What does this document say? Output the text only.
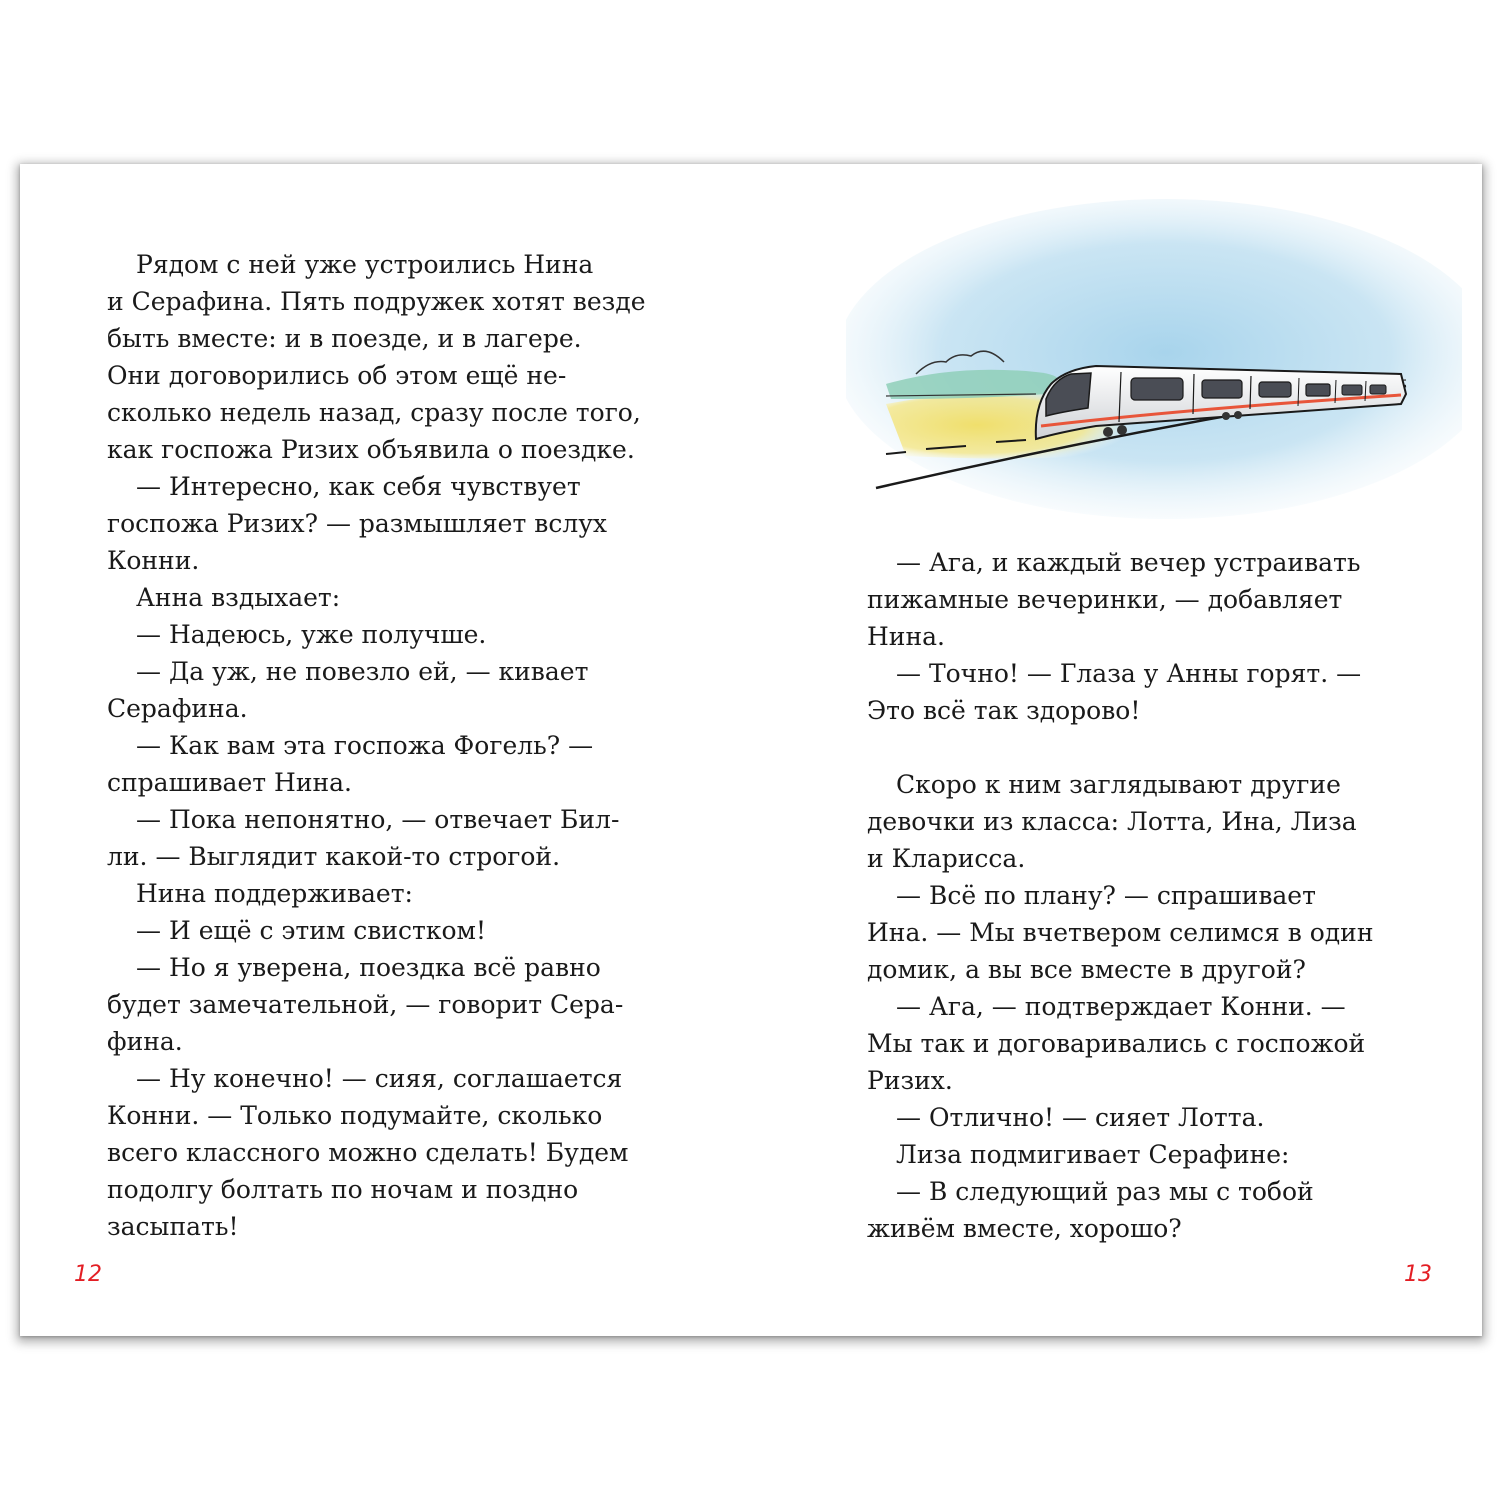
Рядом с ней уже устроились Нина
и Серафина. Пять подружек хотят везде
быть вместе: и в поезде, и в лагере.
Они договорились об этом ещё не-
сколько недель назад, сразу после того,
как госпожа Ризих объявила о поездке.
— Интересно, как себя чувствует
госпожа Ризих? — размышляет вслух
Конни.
Анна вздыхает:
— Надеюсь, уже получше.
— Да уж, не повезло ей, — кивает
Серафина.
— Как вам эта госпожа Фогель? —
спрашивает Нина.
— Пока непонятно, — отвечает Бил-
ли. — Выглядит какой-то строгой.
Нина поддерживает:
— И ещё с этим свистком!
— Но я уверена, поездка всё равно
будет замечательной, — говорит Сера-
фина.
— Ну конечно! — сияя, соглашается
Конни. — Только подумайте, сколько
всего классного можно сделать! Будем
подолгу болтать по ночам и поздно
засыпать!
— Ага, и каждый вечер устраивать
пижамные вечеринки, — добавляет
Нина.
— Точно! — Глаза у Анны горят. —
Это всё так здорово!
Скоро к ним заглядывают другие
девочки из класса: Лотта, Ина, Лиза
и Кларисса.
— Всё по плану? — спрашивает
Ина. — Мы вчетвером селимся в один
домик, а вы все вместе в другой?
— Ага, — подтверждает Конни. —
Мы так и договаривались с госпожой
Ризих.
— Отлично! — сияет Лотта.
Лиза подмигивает Серафине:
— В следующий раз мы с тобой
живём вместе, хорошо?
12	13
